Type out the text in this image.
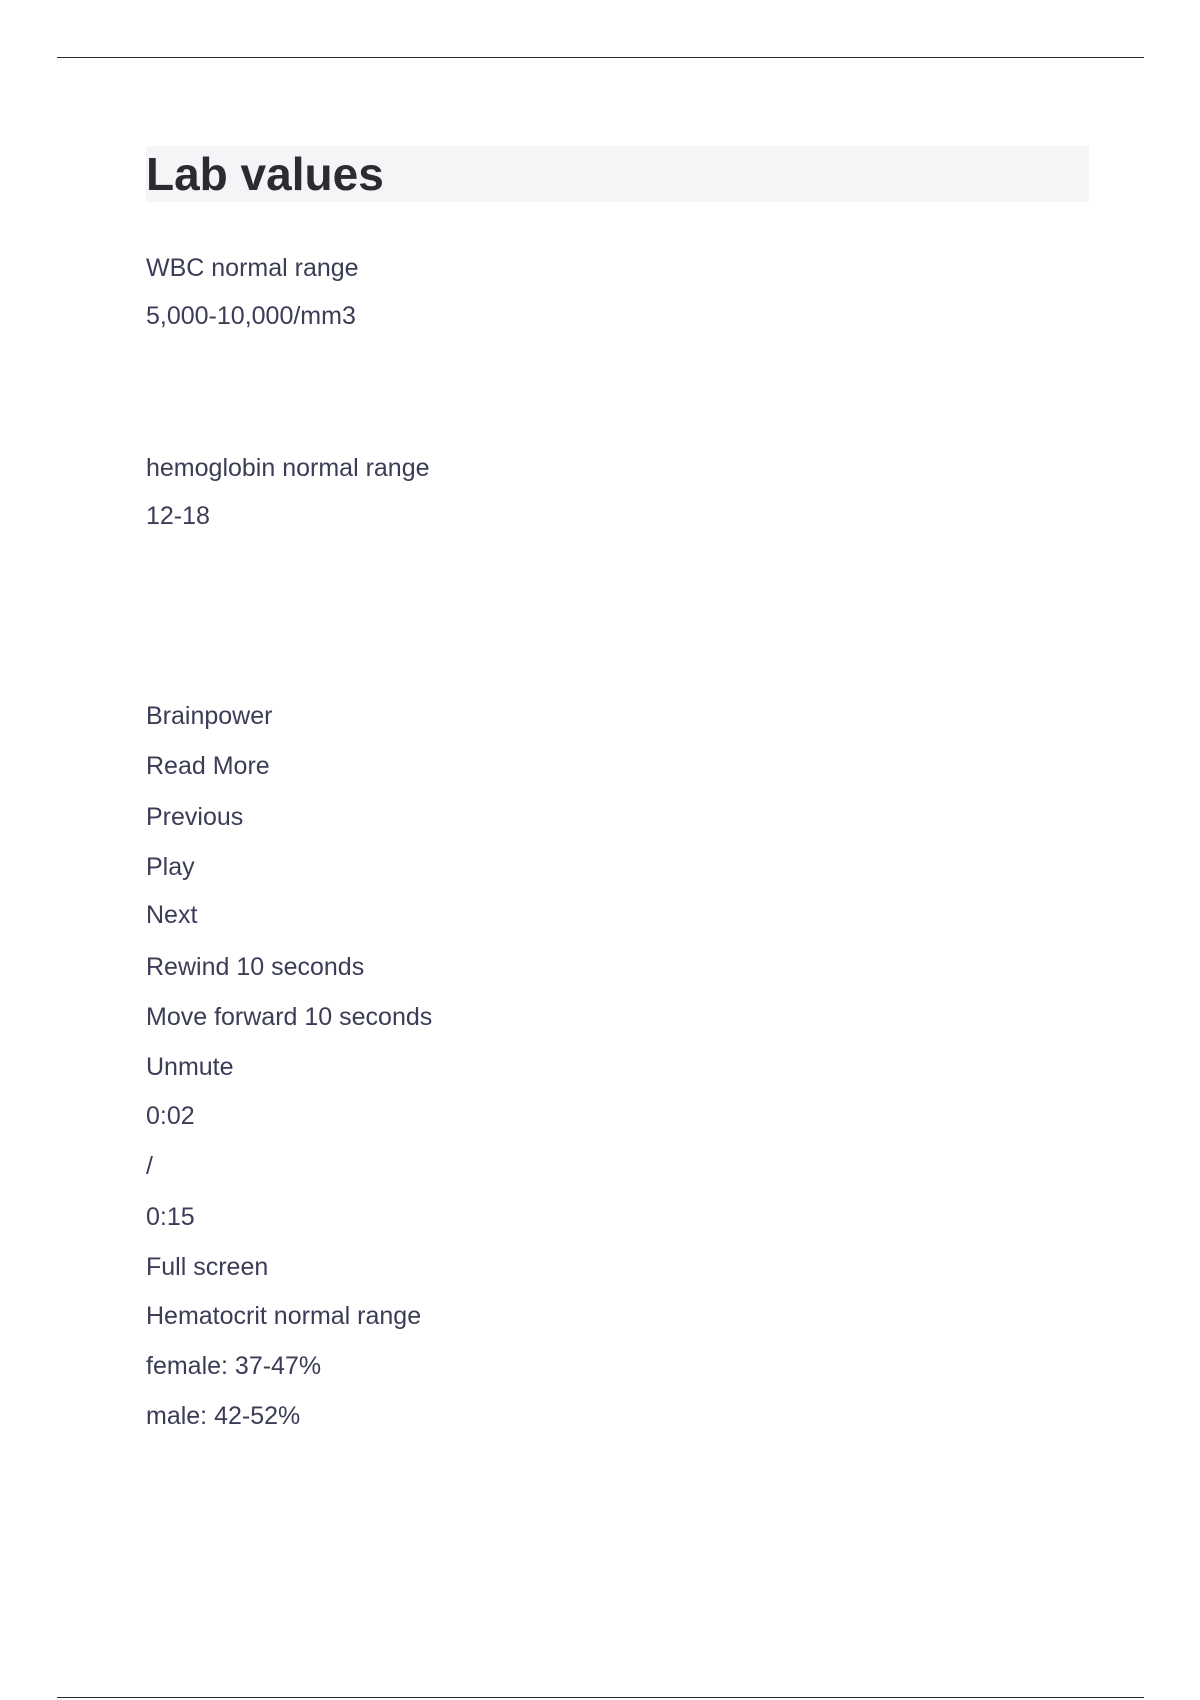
Lab values
WBC normal range
5,000-10,000/mm3
hemoglobin normal range
12-18
Brainpower
Read More
Previous
Play
Next
Rewind 10 seconds
Move forward 10 seconds
Unmute
0:02
/
0:15
Full screen
Hematocrit normal range
female: 37-47%
male: 42-52%
